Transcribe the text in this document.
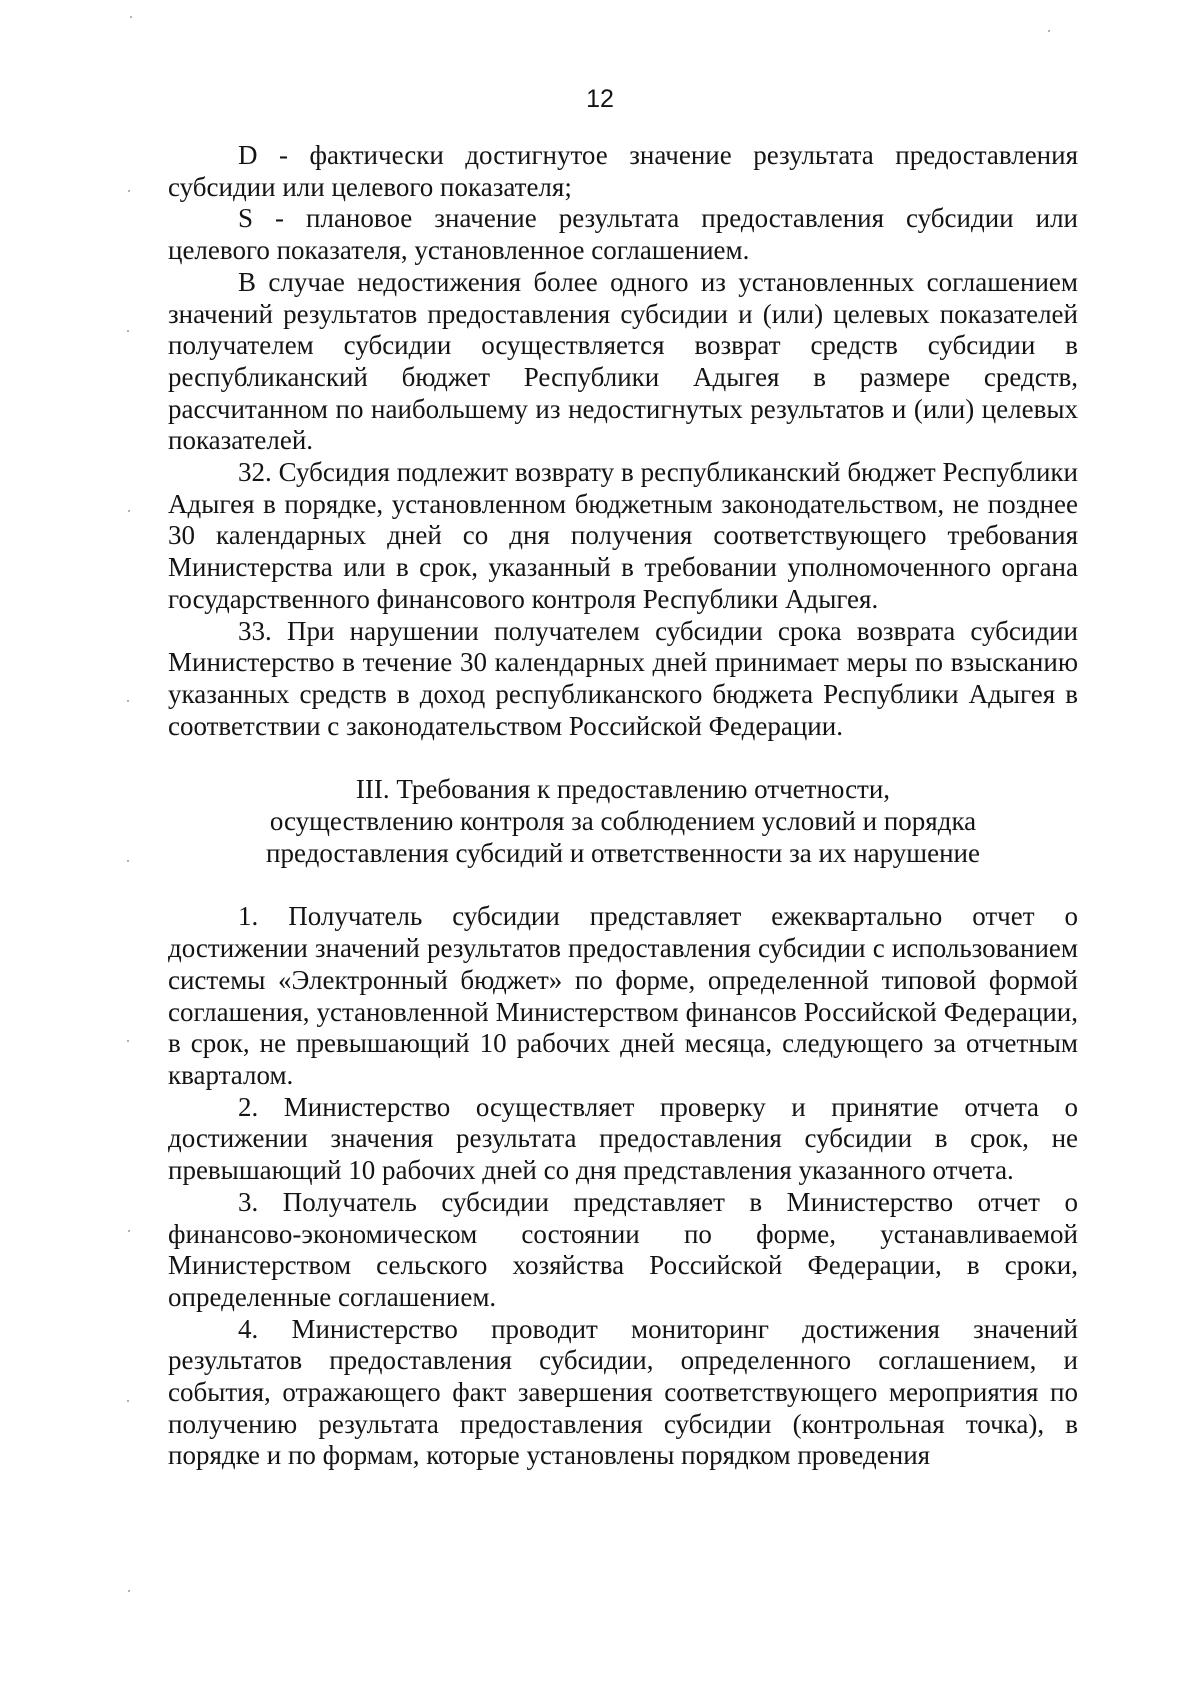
12

D - фактически достигнутое значение результата предоставления субсидии или целевого показателя;

S - плановое значение результата предоставления субсидии или целевого показателя, установленное соглашением.

В случае недостижения более одного из установленных соглашением значений результатов предоставления субсидии и (или) целевых показателей получателем субсидии осуществляется возврат средств субсидии в республиканский бюджет Республики Адыгея в размере средств, рассчитанном по наибольшему из недостигнутых результатов и (или) целевых показателей.

32. Субсидия подлежит возврату в республиканский бюджет Республики Адыгея в порядке, установленном бюджетным законодательством, не позднее 30 календарных дней со дня получения соответствующего требования Министерства или в срок, указанный в требовании уполномоченного органа государственного финансового контроля Республики Адыгея.

33. При нарушении получателем субсидии срока возврата субсидии Министерство в течение 30 календарных дней принимает меры по взысканию указанных средств в доход республиканского бюджета Республики Адыгея в соответствии с законодательством Российской Федерации.

III. Требования к предоставлению отчетности,
осуществлению контроля за соблюдением условий и порядка
предоставления субсидий и ответственности за их нарушение

1. Получатель субсидии представляет ежеквартально отчет о достижении значений результатов предоставления субсидии с использованием системы «Электронный бюджет» по форме, определенной типовой формой соглашения, установленной Министерством финансов Российской Федерации, в срок, не превышающий 10 рабочих дней месяца, следующего за отчетным кварталом.

2. Министерство осуществляет проверку и принятие отчета о достижении значения результата предоставления субсидии в срок, не превышающий 10 рабочих дней со дня представления указанного отчета.

3. Получатель субсидии представляет в Министерство отчет о финансово-экономическом состоянии по форме, устанавливаемой Министерством сельского хозяйства Российской Федерации, в сроки, определенные соглашением.

4. Министерство проводит мониторинг достижения значений результатов предоставления субсидии, определенного соглашением, и события, отражающего факт завершения соответствующего мероприятия по получению результата предоставления субсидии (контрольная точка), в порядке и по формам, которые установлены порядком проведения
